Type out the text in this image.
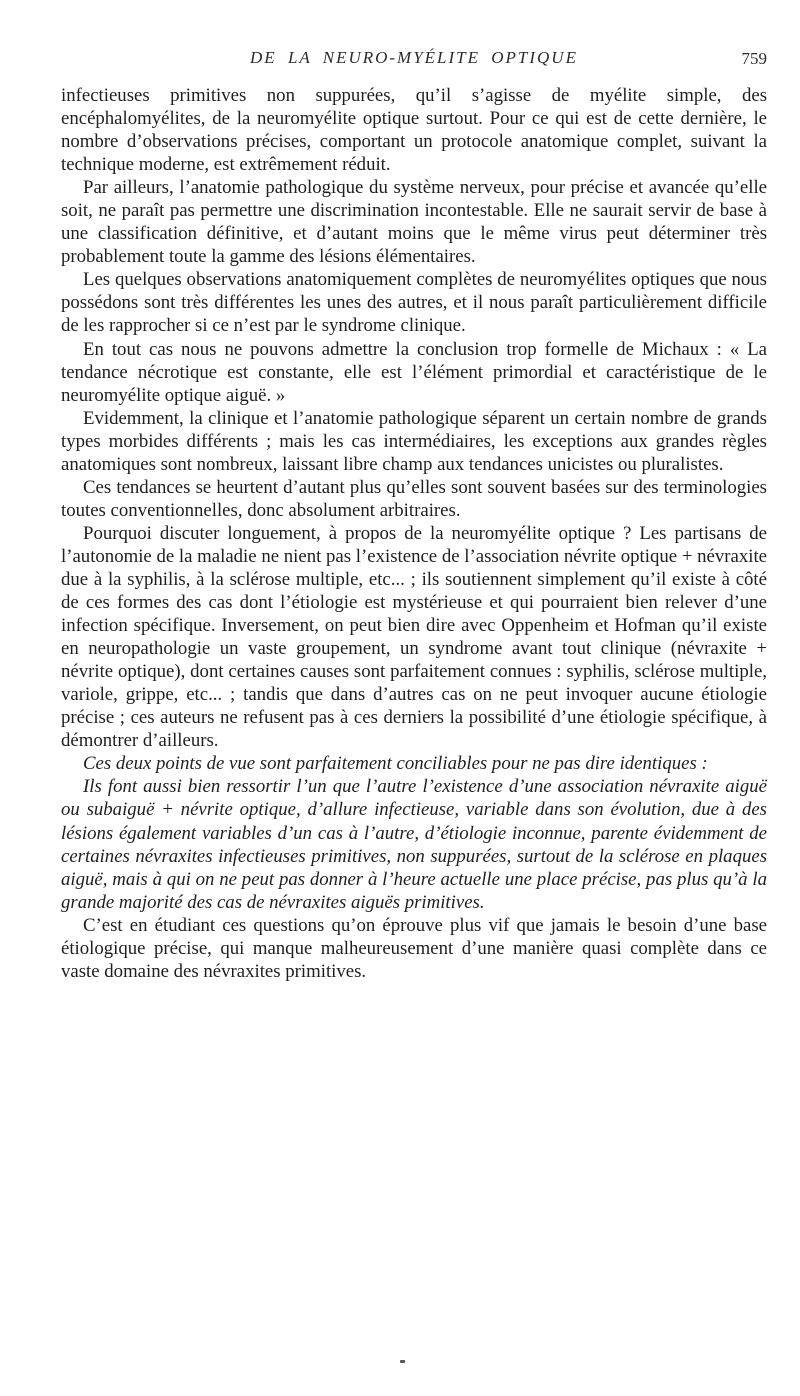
DE LA NEURO-MYÉLITE OPTIQUE	759

infectieuses primitives non suppurées, qu’il s’agisse de myélite simple, des encéphalomyélites, de la neuromyélite optique surtout. Pour ce qui est de cette dernière, le nombre d’observations précises, comportant un protocole anatomique complet, suivant la technique moderne, est extrêmement réduit.

Par ailleurs, l’anatomie pathologique du système nerveux, pour précise et avancée qu’elle soit, ne paraît pas permettre une discrimination incontestable. Elle ne saurait servir de base à une classification définitive, et d’autant moins que le même virus peut déterminer très probablement toute la gamme des lésions élémentaires.

Les quelques observations anatomiquement complètes de neuromyélites optiques que nous possédons sont très différentes les unes des autres, et il nous paraît particulièrement difficile de les rapprocher si ce n’est par le syndrome clinique.

En tout cas nous ne pouvons admettre la conclusion trop formelle de Michaux : « La tendance nécrotique est constante, elle est l’élément primordial et caractéristique de le neuromyélite optique aiguë. »

Evidemment, la clinique et l’anatomie pathologique séparent un certain nombre de grands types morbides différents ; mais les cas intermédiaires, les exceptions aux grandes règles anatomiques sont nombreux, laissant libre champ aux tendances unicistes ou pluralistes.

Ces tendances se heurtent d’autant plus qu’elles sont souvent basées sur des terminologies toutes conventionnelles, donc absolument arbitraires.

Pourquoi discuter longuement, à propos de la neuromyélite optique ? Les partisans de l’autonomie de la maladie ne nient pas l’existence de l’association névrite optique + névraxite due à la syphilis, à la sclérose multiple, etc... ; ils soutiennent simplement qu’il existe à côté de ces formes des cas dont l’étiologie est mystérieuse et qui pourraient bien relever d’une infection spécifique. Inversement, on peut bien dire avec Oppenheim et Hofman qu’il existe en neuropathologie un vaste groupement, un syndrome avant tout clinique (névraxite + névrite optique), dont certaines causes sont parfaitement connues : syphilis, sclérose multiple, variole, grippe, etc... ; tandis que dans d’autres cas on ne peut invoquer aucune étiologie précise ; ces auteurs ne refusent pas à ces derniers la possibilité d’une étiologie spécifique, à démontrer d’ailleurs.

Ces deux points de vue sont parfaitement conciliables pour ne pas dire identiques :

Ils font aussi bien ressortir l’un que l’autre l’existence d’une association névraxite aiguë ou subaiguë + névrite optique, d’allure infectieuse, variable dans son évolution, due à des lésions également variables d’un cas à l’autre, d’étiologie inconnue, parente évidemment de certaines névraxites infectieuses primitives, non suppurées, surtout de la sclérose en plaques aiguë, mais à qui on ne peut pas donner à l’heure actuelle une place précise, pas plus qu’à la grande majorité des cas de névraxites aiguës primitives.

C’est en étudiant ces questions qu’on éprouve plus vif que jamais le besoin d’une base étiologique précise, qui manque malheureusement d’une manière quasi complète dans ce vaste domaine des névraxites primitives.
